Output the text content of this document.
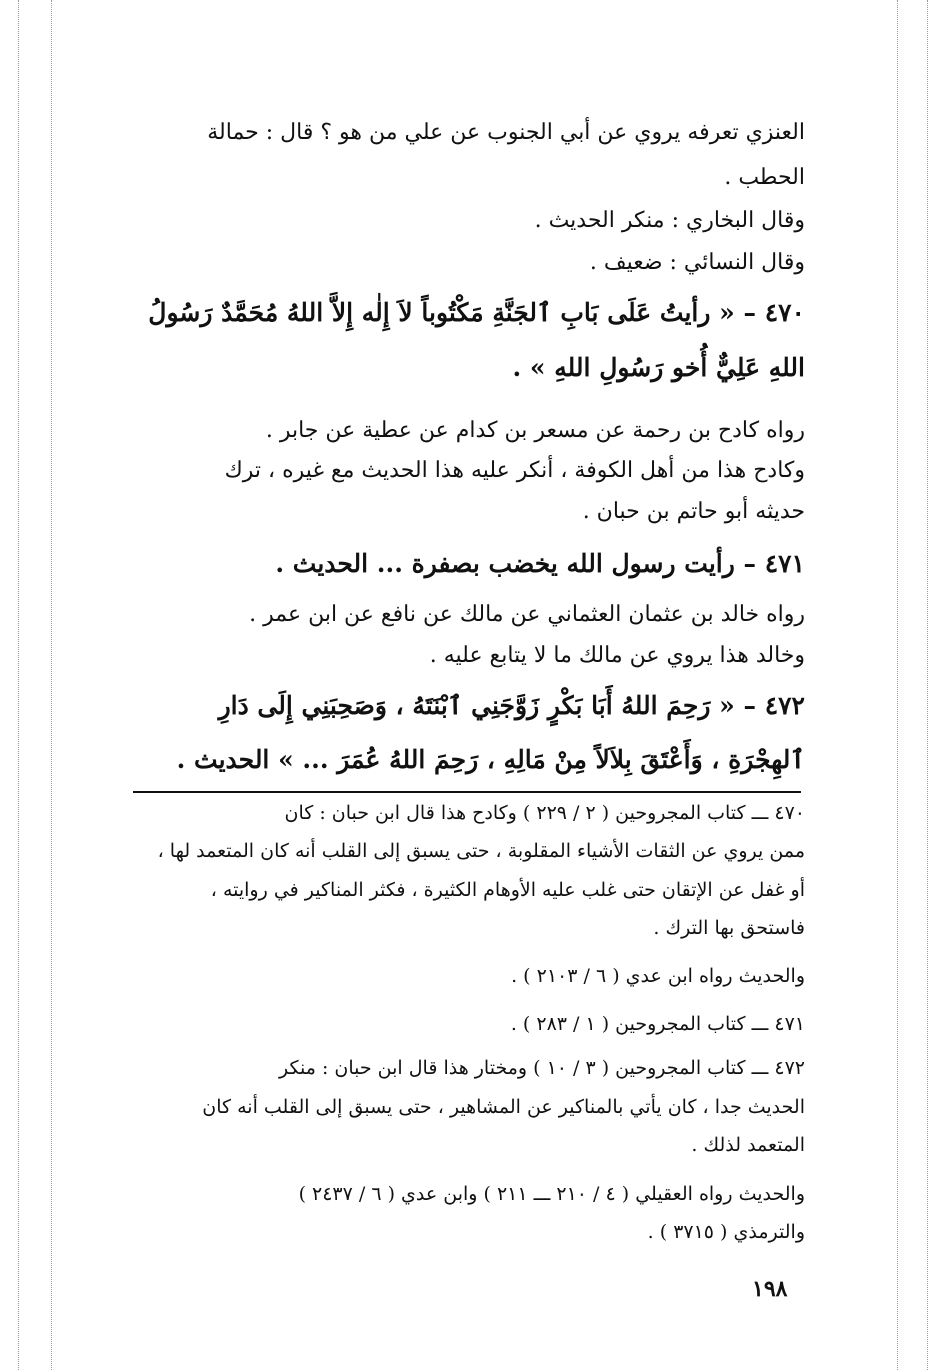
العنزي تعرفه يروي عن أبي الجنوب عن علي من هو ؟ قال : حمالة
الحطب .
وقال البخاري : منكر الحديث .
وقال النسائي : ضعيف .
٤٧٠ – « رأيتُ عَلَى بَابِ ٱلجَنَّةِ مَكْتُوباً لاَ إِلٰه إِلاَّ اللهُ مُحَمَّدٌ رَسُولُ
اللهِ عَلِيٌّ أُخو رَسُولِ اللهِ » .
رواه كادح بن رحمة عن مسعر بن كدام عن عطية عن جابر .
وكادح هذا من أهل الكوفة ، أنكر عليه هذا الحديث مع غيره ، ترك
حديثه أبو حاتم بن حبان .
٤٧١ – رأيت رسول الله يخضب بصفرة ... الحديث .
رواه خالد بن عثمان العثماني عن مالك عن نافع عن ابن عمر .
وخالد هذا يروي عن مالك ما لا يتابع عليه .
٤٧٢ – « رَحِمَ اللهُ أَبَا بَكْرٍ زَوَّجَنِي ٱبْنَتَهُ ، وَصَحِبَنِي إِلَى دَارِ
ٱلهِجْرَةِ ، وَأَعْتَقَ بِلاَلاً مِنْ مَالِهِ ، رَحِمَ اللهُ عُمَرَ ... » الحديث .
٤٧٠ ـــ كتاب المجروحين ( ٢ / ٢٢٩ ) وكادح هذا قال ابن حبان : كان
ممن يروي عن الثقات الأشياء المقلوبة ، حتى يسبق إلى القلب أنه كان المتعمد لها ،
أو غفل عن الإتقان حتى غلب عليه الأوهام الكثيرة ، فكثر المناكير في روايته ،
فاستحق بها الترك .
والحديث رواه ابن عدي ( ٦ / ٢١٠٣ ) .
٤٧١ ـــ كتاب المجروحين ( ١ / ٢٨٣ ) .
٤٧٢ ـــ كتاب المجروحين ( ٣ / ١٠ ) ومختار هذا قال ابن حبان : منكر
الحديث جدا ، كان يأتي بالمناكير عن المشاهير ، حتى يسبق إلى القلب أنه كان
المتعمد لذلك .
والحديث رواه العقيلي ( ٤ / ٢١٠ ـــ ٢١١ ) وابن عدي ( ٦ / ٢٤٣٧ )
والترمذي ( ٣٧١٥ ) .
١٩٨
